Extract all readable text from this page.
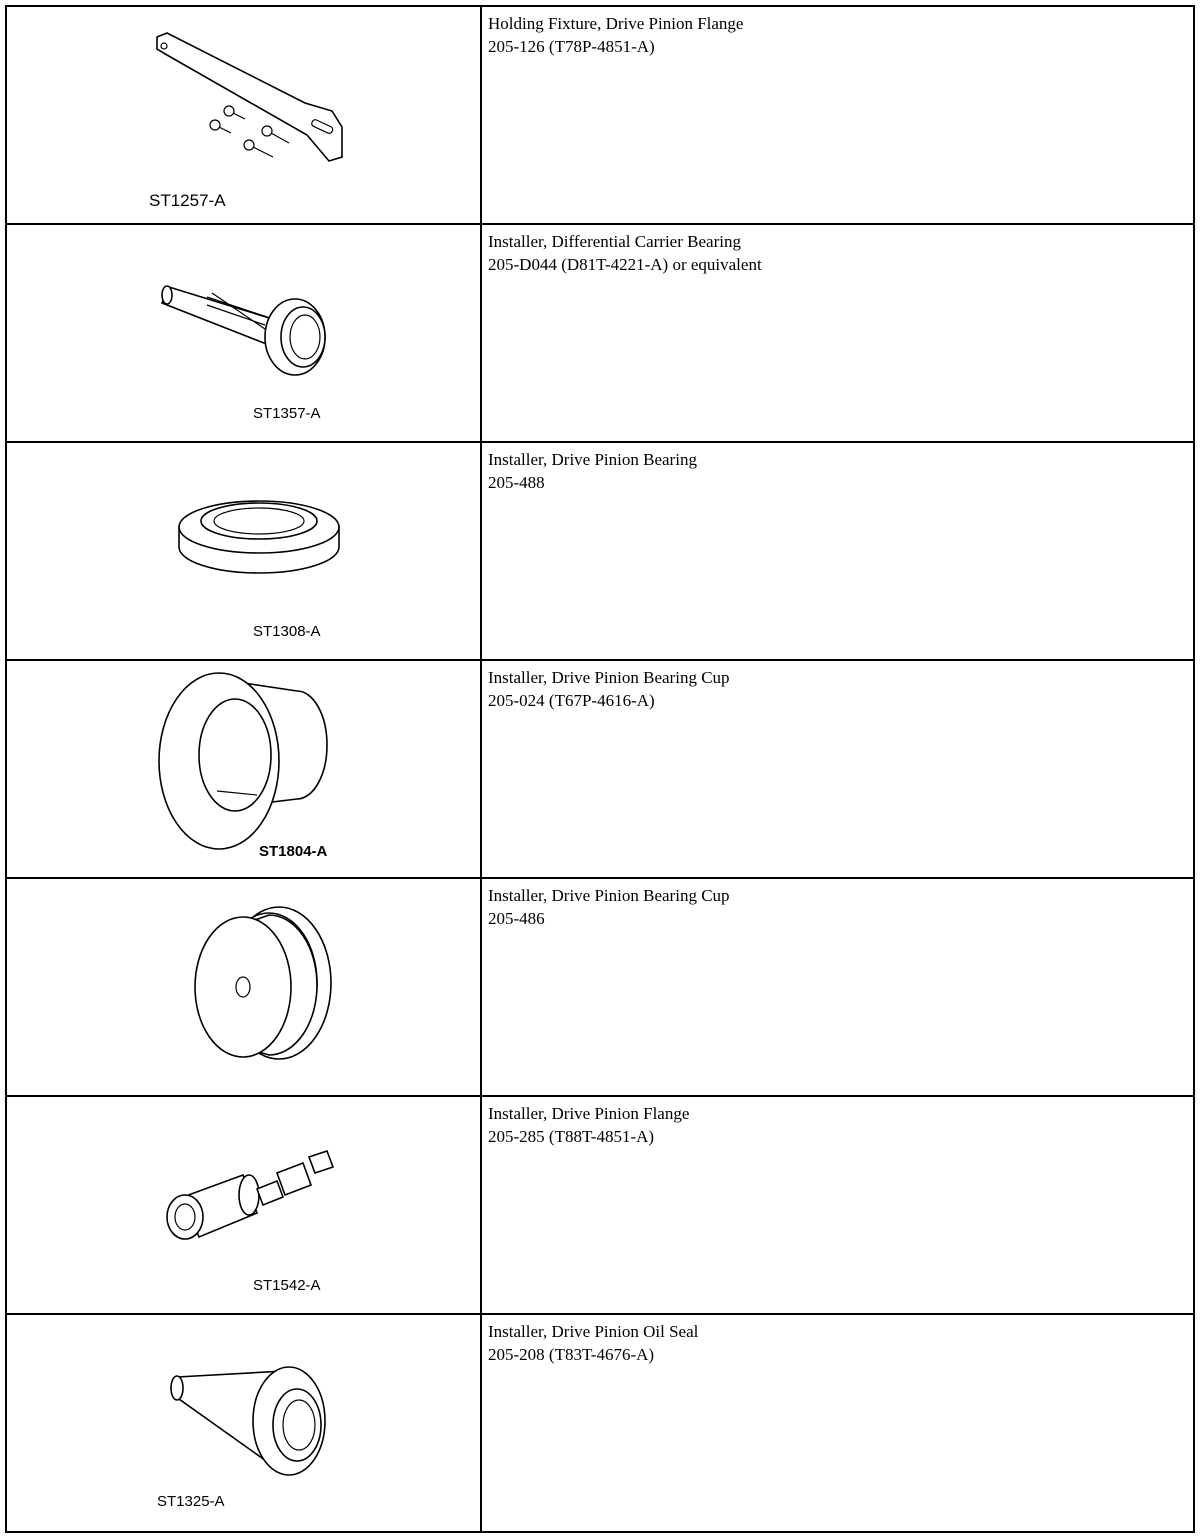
ST1257-A	Holding Fixture, Drive Pinion Flange
205-126 (T78P-4851-A)

ST1357-A	Installer, Differential Carrier Bearing
205-D044 (D81T-4221-A) or equivalent

ST1308-A	Installer, Drive Pinion Bearing
205-488

ST1804-A	Installer, Drive Pinion Bearing Cup
205-024 (T67P-4616-A)

Installer, Drive Pinion Bearing Cup
205-486

ST1542-A	Installer, Drive Pinion Flange
205-285 (T88T-4851-A)

ST1325-A	Installer, Drive Pinion Oil Seal
205-208 (T83T-4676-A)
